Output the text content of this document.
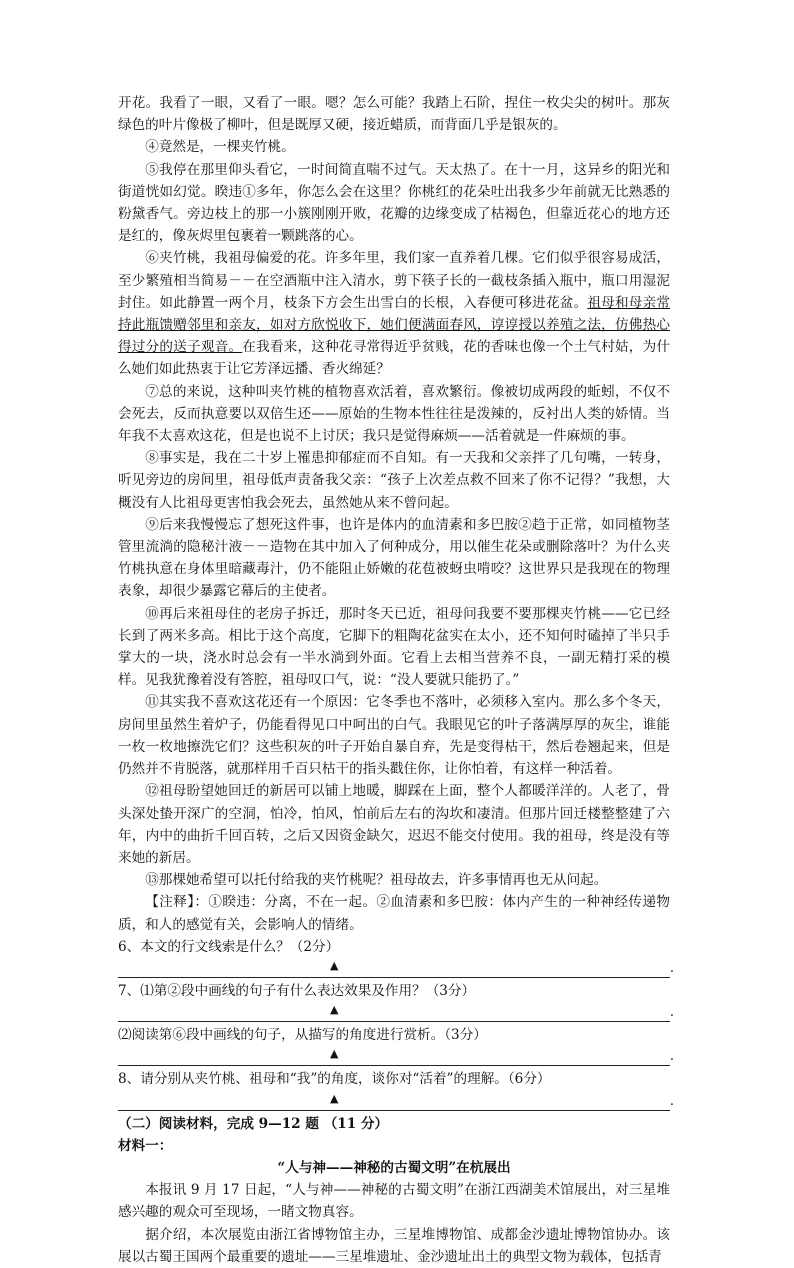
开花。我看了一眼，又看了一眼。嗯？怎么可能？我踏上石阶，捏住一枚尖尖的树叶。那灰绿色的叶片像极了柳叶，但是既厚又硬，接近蜡质，而背面几乎是银灰的。

④竟然是，一棵夹竹桃。

⑤我停在那里仰头看它，一时间简直喘不过气。天太热了。在十一月，这异乡的阳光和街道恍如幻觉。睽违①多年，你怎么会在这里？你桃红的花朵吐出我多少年前就无比熟悉的粉黛香气。旁边枝上的那一小簇刚刚开败，花瓣的边缘变成了枯褐色，但靠近花心的地方还是红的，像灰烬里包裹着一颗跳落的心。

⑥夹竹桃，我祖母偏爱的花。许多年里，我们家一直养着几棵。它们似乎很容易成活，至少繁殖相当简易－－在空酒瓶中注入清水，剪下筷子长的一截枝条插入瓶中，瓶口用湿泥封住。如此静置一两个月，枝条下方会生出雪白的长根，入春便可移进花盆。祖母和母亲常持此瓶馈赠邻里和亲友，如对方欣悦收下，她们便满面春风，谆谆授以养殖之法，仿佛热心得过分的送子观音。在我看来，这种花寻常得近乎贫贱，花的香味也像一个土气村姑，为什么她们如此热衷于让它芳泽远播、香火绵延？

⑦总的来说，这种叫夹竹桃的植物喜欢活着，喜欢繁衍。像被切成两段的蚯蚓，不仅不会死去，反而执意要以双倍生还——原始的生物本性往往是泼辣的，反衬出人类的娇情。当年我不太喜欢这花，但是也说不上讨厌；我只是觉得麻烦——活着就是一件麻烦的事。

⑧事实是，我在二十岁上罹患抑郁症而不自知。有一天我和父亲拌了几句嘴，一转身，听见旁边的房间里，祖母低声责备我父亲：“孩子上次差点救不回来了你不记得？”我想，大概没有人比祖母更害怕我会死去，虽然她从来不曾问起。

⑨后来我慢慢忘了想死这件事，也许是体内的血清素和多巴胺②趋于正常，如同植物茎管里流淌的隐秘汁液－－造物在其中加入了何种成分，用以催生花朵或删除落叶？为什么夹竹桃执意在身体里暗藏毒汁，仍不能阻止娇嫩的花苞被蚜虫啃咬？这世界只是我现在的物理表象，却很少暴露它幕后的主使者。

⑩再后来祖母住的老房子拆迁，那时冬天已近，祖母问我要不要那棵夹竹桃——它已经长到了两米多高。相比于这个高度，它脚下的粗陶花盆实在太小，还不知何时磕掉了半只手掌大的一块，浇水时总会有一半水淌到外面。它看上去相当营养不良，一副无精打采的模样。见我犹豫着没有答腔，祖母叹口气，说：“没人要就只能扔了。”

⑪其实我不喜欢这花还有一个原因：它冬季也不落叶，必须移入室内。那么多个冬天，房间里虽然生着炉子，仍能看得见口中呵出的白气。我眼见它的叶子落满厚厚的灰尘，谁能一枚一枚地擦洗它们？这些积灰的叶子开始自暴自弃，先是变得枯干，然后卷翘起来，但是仍然并不肯脱落，就那样用千百只枯干的指头戳住你，让你怕着，有这样一种活着。

⑫祖母盼望她回迁的新居可以铺上地暖，脚踩在上面，整个人都暖洋洋的。人老了，骨头深处蛰开深广的空洞，怕冷，怕风，怕前后左右的沟坎和凄清。但那片回迁楼整整建了六年，内中的曲折千回百转，之后又因资金缺欠，迟迟不能交付使用。我的祖母，终是没有等来她的新居。

⑬那棵她希望可以托付给我的夹竹桃呢？祖母故去，许多事情再也无从问起。

【注释】：①睽违：分离，不在一起。②血清素和多巴胺：体内产生的一种神经传递物质，和人的感觉有关，会影响人的情绪。

6、本文的行文线索是什么？（2分）

▲	.

7、⑴第②段中画线的句子有什么表达效果及作用？（3分）

▲	.

⑵阅读第⑥段中画线的句子，从描写的角度进行赏析。（3分）

▲	.

8、请分别从夹竹桃、祖母和“我”的角度，谈你对“活着”的理解。（6分）

▲	.

（二）阅读材料，完成 9—12 题 （11 分）

材料一：

“人与神——神秘的古蜀文明”在杭展出

本报讯 9 月 17 日起，“人与神——神秘的古蜀文明”在浙江西湖美术馆展出，对三星堆感兴趣的观众可至现场，一睹文物真容。

据介绍，本次展览由浙江省博物馆主办，三星堆博物馆、成都金沙遗址博物馆协办。该展以古蜀王国两个最重要的遗址——三星堆遗址、金沙遗址出土的典型文物为载体，包括青
